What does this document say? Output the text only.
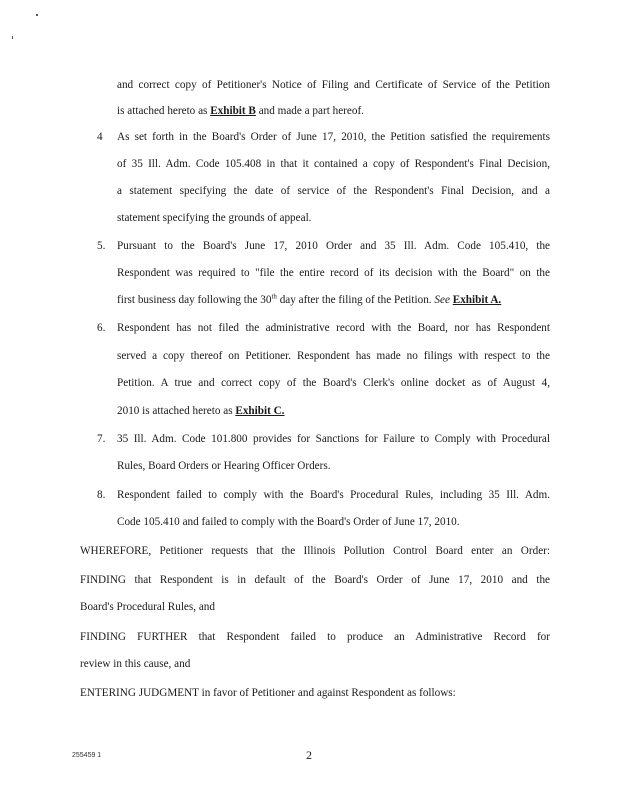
and correct copy of Petitioner's Notice of Filing and Certificate of Service of the Petition
is attached hereto as Exhibit B and made a part hereof.
4 As set forth in the Board's Order of June 17, 2010, the Petition satisfied the requirements
of 35 Ill. Adm. Code 105.408 in that it contained a copy of Respondent's Final Decision,
a statement specifying the date of service of the Respondent's Final Decision, and a
statement specifying the grounds of appeal.
5. Pursuant to the Board's June 17, 2010 Order and 35 Ill. Adm. Code 105.410, the
Respondent was required to "file the entire record of its decision with the Board" on the
first business day following the 30th day after the filing of the Petition. See Exhibit A.
6. Respondent has not filed the administrative record with the Board, nor has Respondent
served a copy thereof on Petitioner. Respondent has made no filings with respect to the
Petition. A true and correct copy of the Board's Clerk's online docket as of August 4,
2010 is attached hereto as Exhibit C.
7. 35 Ill. Adm. Code 101.800 provides for Sanctions for Failure to Comply with Procedural
Rules, Board Orders or Hearing Officer Orders.
8. Respondent failed to comply with the Board's Procedural Rules, including 35 Ill. Adm.
Code 105.410 and failed to comply with the Board's Order of June 17, 2010.
WHEREFORE, Petitioner requests that the Illinois Pollution Control Board enter an Order:
FINDING that Respondent is in default of the Board's Order of June 17, 2010 and the
Board's Procedural Rules, and
FINDING FURTHER that Respondent failed to produce an Administrative Record for
review in this cause, and
ENTERING JUDGMENT in favor of Petitioner and against Respondent as follows:
255459 1	2
